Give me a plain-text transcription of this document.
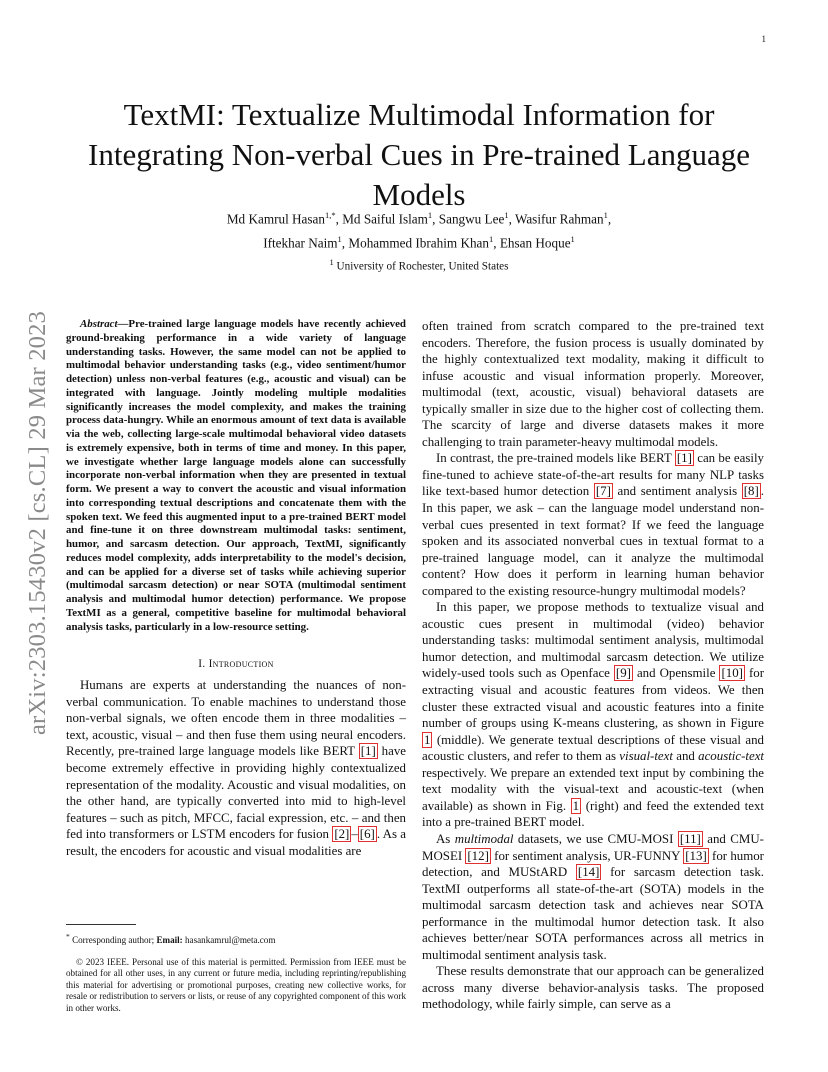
1
arXiv:2303.15430v2 [cs.CL] 29 Mar 2023
TextMI: Textualize Multimodal Information for Integrating Non-verbal Cues in Pre-trained Language Models
Md Kamrul Hasan$^{1,*}$, Md Saiful Islam$^1$, Sangwu Lee$^1$, Wasifur Rahman$^1$,
Iftekhar Naim$^1$, Mohammed Ibrahim Khan$^1$, Ehsan Hoque$^1$
$^1$ University of Rochester, United States

Abstract—Pre-trained large language models have recently achieved ground-breaking performance in a wide variety of language understanding tasks. However, the same model can not be applied to multimodal behavior understanding tasks (e.g., video sentiment/humor detection) unless non-verbal features (e.g., acoustic and visual) can be integrated with language. Jointly modeling multiple modalities significantly increases the model complexity, and makes the training process data-hungry. While an enormous amount of text data is available via the web, collecting large-scale multimodal behavioral video datasets is extremely expensive, both in terms of time and money. In this paper, we investigate whether large language models alone can successfully incorporate non-verbal information when they are presented in textual form. We present a way to convert the acoustic and visual information into corresponding textual descriptions and concatenate them with the spoken text. We feed this augmented input to a pre-trained BERT model and fine-tune it on three downstream multimodal tasks: sentiment, humor, and sarcasm detection. Our approach, TextMI, significantly reduces model complexity, adds interpretability to the model's decision, and can be applied for a diverse set of tasks while achieving superior (multimodal sarcasm detection) or near SOTA (multimodal sentiment analysis and multimodal humor detection) performance. We propose TextMI as a general, competitive baseline for multimodal behavioral analysis tasks, particularly in a low-resource setting.

I. Introduction

Humans are experts at understanding the nuances of non-verbal communication. To enable machines to understand those non-verbal signals, we often encode them in three modalities – text, acoustic, visual – and then fuse them using neural encoders. Recently, pre-trained large language models like BERT [1] have become extremely effective in providing highly contextualized representation of the modality. Acoustic and visual modalities, on the other hand, are typically converted into mid to high-level features – such as pitch, MFCC, facial expression, etc. – and then fed into transformers or LSTM encoders for fusion [2] – [6] . As a result, the encoders for acoustic and visual modalities are

* Corresponding author; Email: hasankamrul@meta.com

© 2023 IEEE. Personal use of this material is permitted. Permission from IEEE must be obtained for all other uses, in any current or future media, including reprinting/republishing this material for advertising or promotional purposes, creating new collective works, for resale or redistribution to servers or lists, or reuse of any copyrighted component of this work in other works.

often trained from scratch compared to the pre-trained text encoders. Therefore, the fusion process is usually dominated by the highly contextualized text modality, making it difficult to infuse acoustic and visual information properly. Moreover, multimodal (text, acoustic, visual) behavioral datasets are typically smaller in size due to the higher cost of collecting them. The scarcity of large and diverse datasets makes it more challenging to train parameter-heavy multimodal models.

In contrast, the pre-trained models like BERT [1] can be easily fine-tuned to achieve state-of-the-art results for many NLP tasks like text-based humor detection [7] and sentiment analysis [8] . In this paper, we ask – can the language model understand non-verbal cues presented in text format? If we feed the language spoken and its associated nonverbal cues in textual format to a pre-trained language model, can it analyze the multimodal content? How does it perform in learning human behavior compared to the existing resource-hungry multimodal models?

In this paper, we propose methods to textualize visual and acoustic cues present in multimodal (video) behavior understanding tasks: multimodal sentiment analysis, multimodal humor detection, and multimodal sarcasm detection. We utilize widely-used tools such as Openface [9] and Opensmile [10] for extracting visual and acoustic features from videos. We then cluster these extracted visual and acoustic features into a finite number of groups using K-means clustering, as shown in Figure 1 (middle). We generate textual descriptions of these visual and acoustic clusters, and refer to them as visual-text and acoustic-text respectively. We prepare an extended text input by combining the text modality with the visual-text and acoustic-text (when available) as shown in Fig. 1 (right) and feed the extended text into a pre-trained BERT model.

As multimodal datasets, we use CMU-MOSI [11] and CMU-MOSEI [12] for sentiment analysis, UR-FUNNY [13] for humor detection, and MUStARD [14] for sarcasm detection task. TextMI outperforms all state-of-the-art (SOTA) models in the multimodal sarcasm detection task and achieves near SOTA performance in the multimodal humor detection task. It also achieves better/near SOTA performances across all metrics in multimodal sentiment analysis task.

These results demonstrate that our approach can be generalized across many diverse behavior-analysis tasks. The proposed methodology, while fairly simple, can serve as a
